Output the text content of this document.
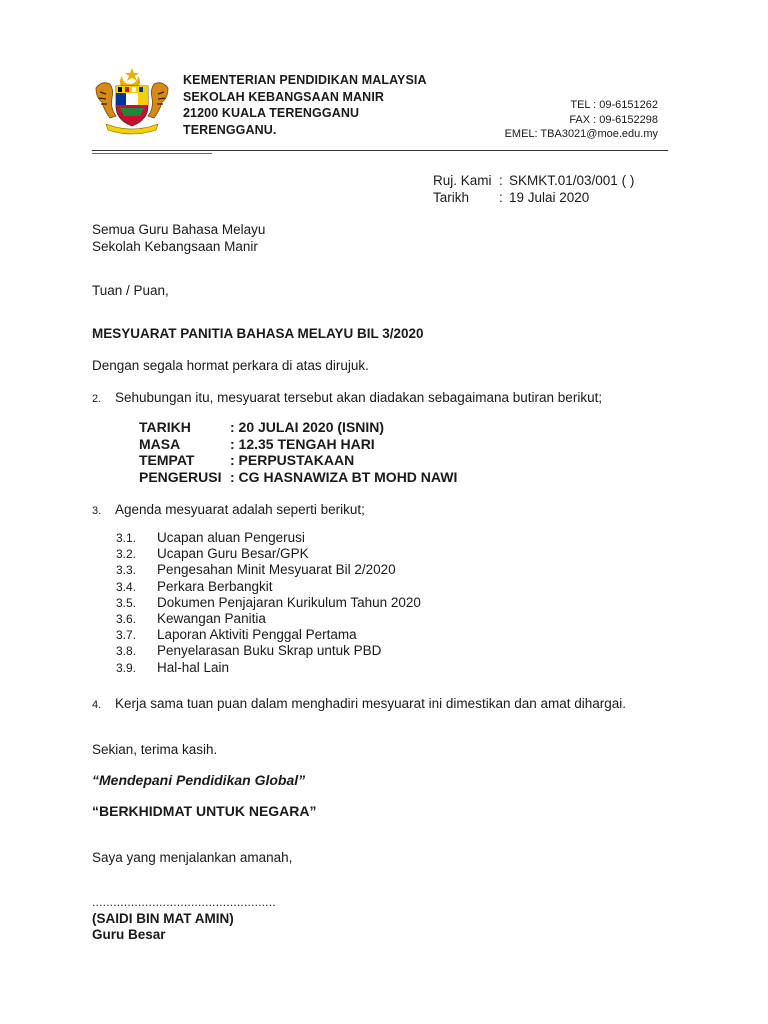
KEMENTERIAN PENDIDIKAN MALAYSIA
SEKOLAH KEBANGSAAN MANIR
21200 KUALA TERENGGANU
TERENGGANU.
TEL : 09-6151262
FAX : 09-6152298
EMEL: TBA3021@moe.edu.my
Ruj. Kami : SKMKT.01/03/001 ( )
Tarikh	: 19 Julai 2020
Semua Guru Bahasa Melayu
Sekolah Kebangsaan Manir
Tuan / Puan,
MESYUARAT PANITIA BAHASA MELAYU BIL 3/2020
Dengan segala hormat perkara di atas dirujuk.
2. Sehubungan itu, mesyuarat tersebut akan diadakan sebagaimana butiran berikut;
TARIKH	: 20 JULAI 2020 (ISNIN)
MASA	: 12.35 TENGAH HARI
TEMPAT	: PERPUSTAKAAN
PENGERUSI : CG HASNAWIZA BT MOHD NAWI
3. Agenda mesyuarat adalah seperti berikut;
3.1.	Ucapan aluan Pengerusi
3.2.	Ucapan Guru Besar/GPK
3.3.	Pengesahan Minit Mesyuarat Bil 2/2020
3.4.	Perkara Berbangkit
3.5.	Dokumen Penjajaran Kurikulum Tahun 2020
3.6.	Kewangan Panitia
3.7.	Laporan Aktiviti Penggal Pertama
3.8.	Penyelarasan Buku Skrap untuk PBD
3.9.	Hal-hal Lain
4. Kerja sama tuan puan dalam menghadiri mesyuarat ini dimestikan dan amat dihargai.
Sekian, terima kasih.
“Mendepani Pendidikan Global”
“BERKHIDMAT UNTUK NEGARA”
Saya yang menjalankan amanah,
....................................................
(SAIDI BIN MAT AMIN)
Guru Besar
